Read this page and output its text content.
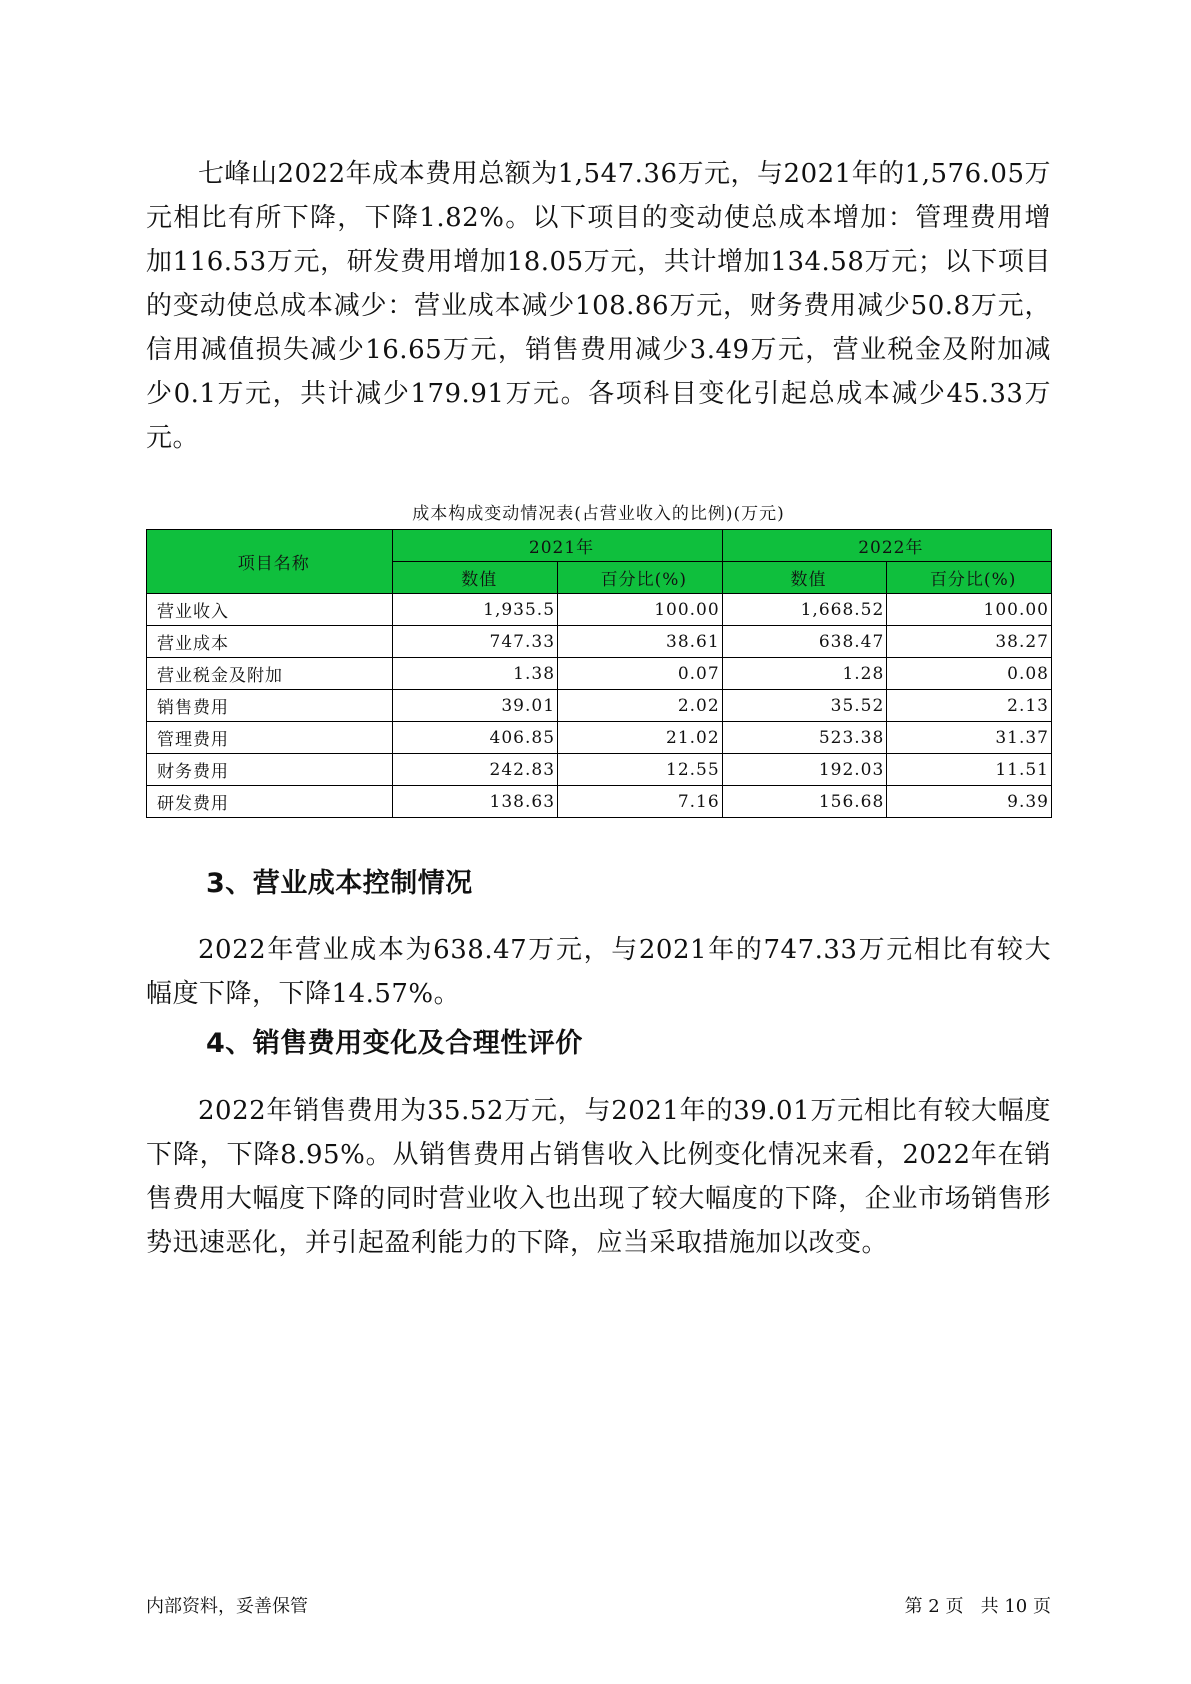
七峰山2022年成本费用总额为1,547.36万元，与2021年的1,576.05万元相比有所下降，下降1.82%。以下项目的变动使总成本增加：管理费用增加116.53万元，研发费用增加18.05万元，共计增加134.58万元；以下项目的变动使总成本减少：营业成本减少108.86万元，财务费用减少50.8万元，信用减值损失减少16.65万元，销售费用减少3.49万元，营业税金及附加减少0.1万元，共计减少179.91万元。各项科目变化引起总成本减少45.33万元。

成本构成变动情况表(占营业收入的比例)(万元)
项目名称	2021年		2022年	
	数值	百分比(%)	数值	百分比(%)
营业收入	1,935.5	100.00	1,668.52	100.00
营业成本	747.33	38.61	638.47	38.27
营业税金及附加	1.38	0.07	1.28	0.08
销售费用	39.01	2.02	35.52	2.13
管理费用	406.85	21.02	523.38	31.37
财务费用	242.83	12.55	192.03	11.51
研发费用	138.63	7.16	156.68	9.39
3、营业成本控制情况

2022年营业成本为638.47万元，与2021年的747.33万元相比有较大幅度下降，下降14.57%。

4、销售费用变化及合理性评价

2022年销售费用为35.52万元，与2021年的39.01万元相比有较大幅度下降，下降8.95%。从销售费用占销售收入比例变化情况来看，2022年在销售费用大幅度下降的同时营业收入也出现了较大幅度的下降，企业市场销售形势迅速恶化，并引起盈利能力的下降，应当采取措施加以改变。

内部资料，妥善保管	第 2 页   共 10 页
